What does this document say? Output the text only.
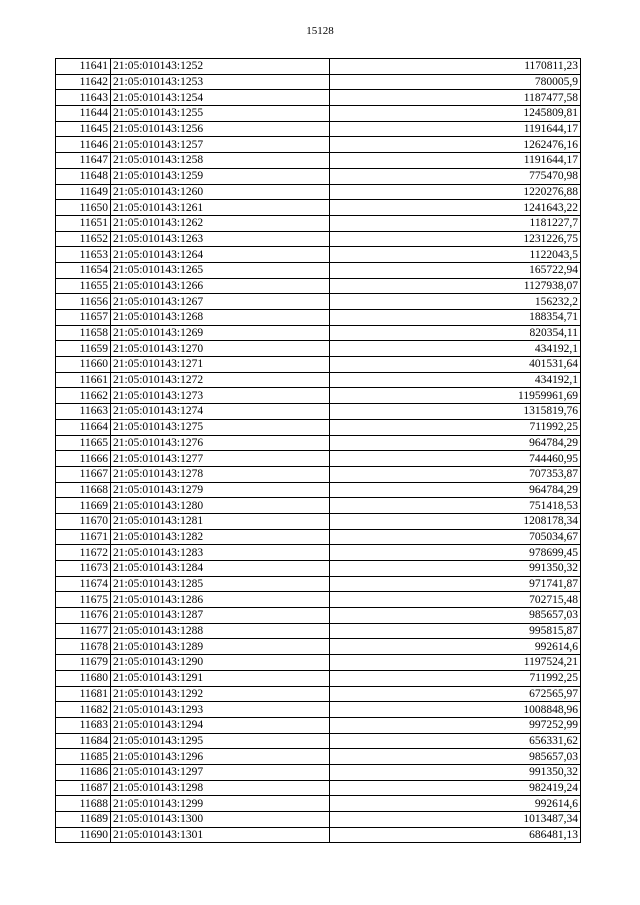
15128
11641	21:05:010143:1252	1170811,23
11642	21:05:010143:1253	780005,9
11643	21:05:010143:1254	1187477,58
11644	21:05:010143:1255	1245809,81
11645	21:05:010143:1256	1191644,17
11646	21:05:010143:1257	1262476,16
11647	21:05:010143:1258	1191644,17
11648	21:05:010143:1259	775470,98
11649	21:05:010143:1260	1220276,88
11650	21:05:010143:1261	1241643,22
11651	21:05:010143:1262	1181227,7
11652	21:05:010143:1263	1231226,75
11653	21:05:010143:1264	1122043,5
11654	21:05:010143:1265	165722,94
11655	21:05:010143:1266	1127938,07
11656	21:05:010143:1267	156232,2
11657	21:05:010143:1268	188354,71
11658	21:05:010143:1269	820354,11
11659	21:05:010143:1270	434192,1
11660	21:05:010143:1271	401531,64
11661	21:05:010143:1272	434192,1
11662	21:05:010143:1273	11959961,69
11663	21:05:010143:1274	1315819,76
11664	21:05:010143:1275	711992,25
11665	21:05:010143:1276	964784,29
11666	21:05:010143:1277	744460,95
11667	21:05:010143:1278	707353,87
11668	21:05:010143:1279	964784,29
11669	21:05:010143:1280	751418,53
11670	21:05:010143:1281	1208178,34
11671	21:05:010143:1282	705034,67
11672	21:05:010143:1283	978699,45
11673	21:05:010143:1284	991350,32
11674	21:05:010143:1285	971741,87
11675	21:05:010143:1286	702715,48
11676	21:05:010143:1287	985657,03
11677	21:05:010143:1288	995815,87
11678	21:05:010143:1289	992614,6
11679	21:05:010143:1290	1197524,21
11680	21:05:010143:1291	711992,25
11681	21:05:010143:1292	672565,97
11682	21:05:010143:1293	1008848,96
11683	21:05:010143:1294	997252,99
11684	21:05:010143:1295	656331,62
11685	21:05:010143:1296	985657,03
11686	21:05:010143:1297	991350,32
11687	21:05:010143:1298	982419,24
11688	21:05:010143:1299	992614,6
11689	21:05:010143:1300	1013487,34
11690	21:05:010143:1301	686481,13
